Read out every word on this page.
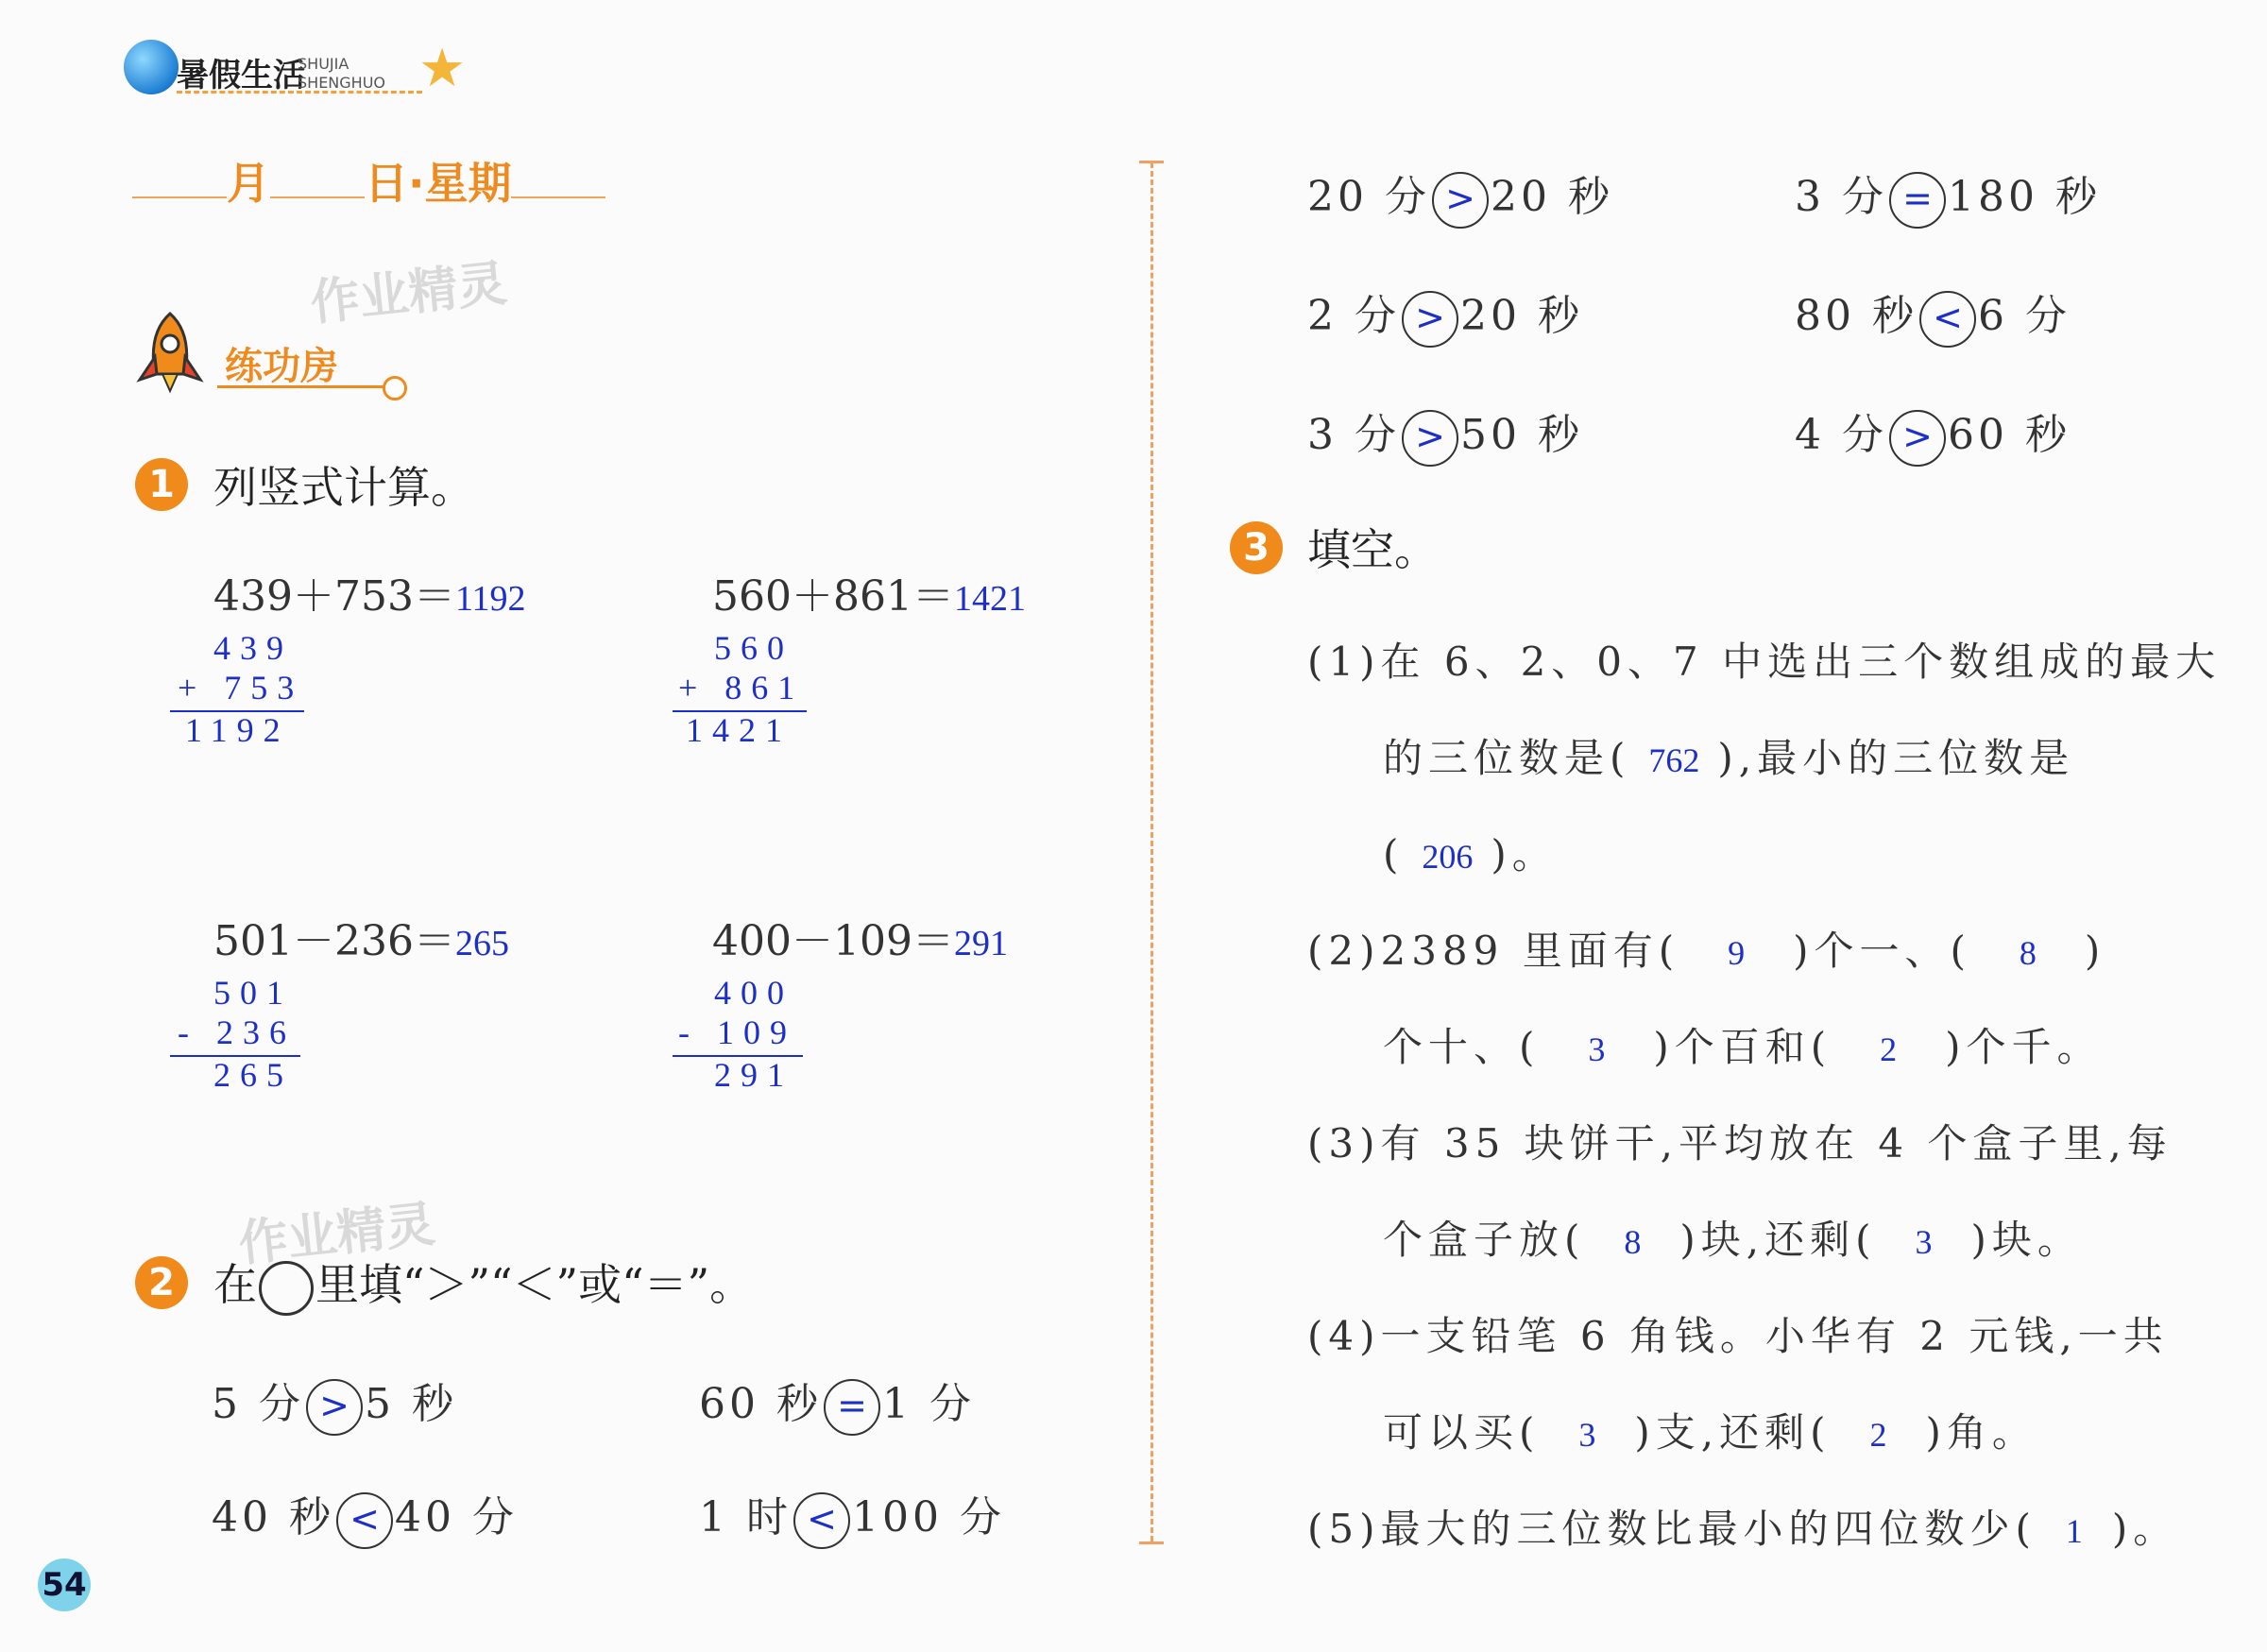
暑假生活
SHUJIA
SHENGHUO ★
月 日·星期
作业精灵
练功房
1 列竖式计算。
439＋753＝1192
439
+ 753
1192
560＋861＝1421
560
+ 861
1421
501－236＝265
501
- 236
265
400－109＝291
400
- 109
291
作业精灵
2 在 里填“＞”“＜”或“＝”。
5 分 > 5 秒	60 秒 = 1 分
40 秒 < 40 分	1 时 < 100 分
20 分 > 20 秒	3 分 = 180 秒
2 分 > 20 秒	80 秒 < 6 分
3 分 > 50 秒	4 分 > 60 秒
3 填空。
(1)在 6、2、0、7 中选出三个数组成的最大
的三位数是( 762 ),最小的三位数是
( 206 )。
(2)2389 里面有( 9 )个一、( 8 )
个十、( 3 )个百和( 2 )个千。
(3)有 35 块饼干,平均放在 4 个盒子里,每
个盒子放( 8 )块,还剩( 3 )块。
(4)一支铅笔 6 角钱。小华有 2 元钱,一共
可以买( 3 )支,还剩( 2 )角。
(5)最大的三位数比最小的四位数少( 1 )。
54
